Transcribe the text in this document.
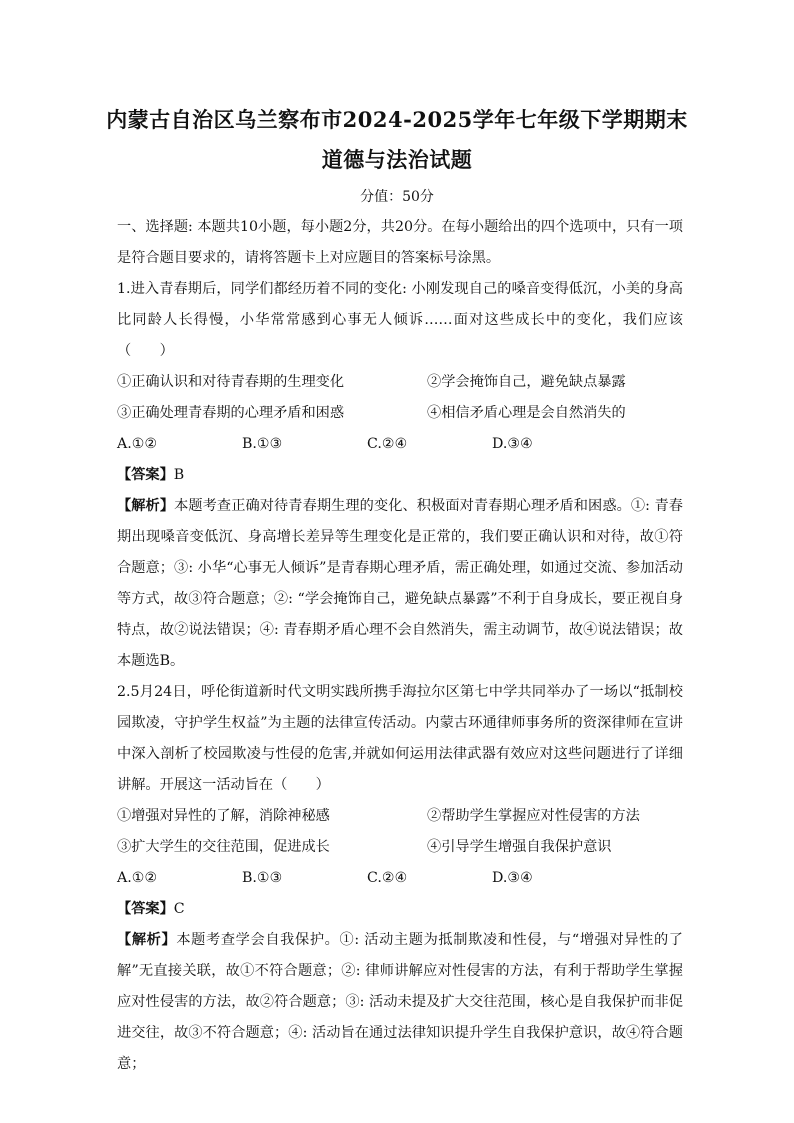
内蒙古自治区乌兰察布市2024-2025学年七年级下学期期末
道德与法治试题
分值：50分

一、选择题: 本题共10小题，每小题2分，共20分。在每小题给出的四个选项中，只有一项是符合题目要求的，请将答题卡上对应题目的答案标号涂黑。

1.进入青春期后，同学们都经历着不同的变化: 小刚发现自己的嗓音变得低沉，小美的身高比同龄人长得慢，小华常常感到心事无人倾诉……面对这些成长中的变化，我们应该（　　）

①正确认识和对待青春期的生理变化	②学会掩饰自己，避免缺点暴露
③正确处理青春期的心理矛盾和困惑	④相信矛盾心理是会自然消失的
A.①②	B.①③	C.②④	D.③④

【答案】B

【解析】本题考查正确对待青春期生理的变化、积极面对青春期心理矛盾和困惑。①: 青春期出现嗓音变低沉、身高增长差异等生理变化是正常的，我们要正确认识和对待，故①符合题意；③: 小华“心事无人倾诉”是青春期心理矛盾，需正确处理，如通过交流、参加活动等方式，故③符合题意；②: “学会掩饰自己，避免缺点暴露”不利于自身成长，要正视自身特点，故②说法错误；④: 青春期矛盾心理不会自然消失，需主动调节，故④说法错误；故本题选B。

2.5月24日，呼伦街道新时代文明实践所携手海拉尔区第七中学共同举办了一场以“抵制校园欺凌，守护学生权益”为主题的法律宣传活动。内蒙古环通律师事务所的资深律师在宣讲中深入剖析了校园欺凌与性侵的危害,并就如何运用法律武器有效应对这些问题进行了详细讲解。开展这一活动旨在（　　）

①增强对异性的了解，消除神秘感	②帮助学生掌握应对性侵害的方法
③扩大学生的交往范围，促进成长	④引导学生增强自我保护意识
A.①②	B.①③	C.②④	D.③④

【答案】C

【解析】本题考查学会自我保护。①: 活动主题为抵制欺凌和性侵，与“增强对异性的了解”无直接关联，故①不符合题意；②: 律师讲解应对性侵害的方法，有利于帮助学生掌握应对性侵害的方法，故②符合题意；③: 活动未提及扩大交往范围，核心是自我保护而非促进交往，故③不符合题意；④: 活动旨在通过法律知识提升学生自我保护意识，故④符合题意；
